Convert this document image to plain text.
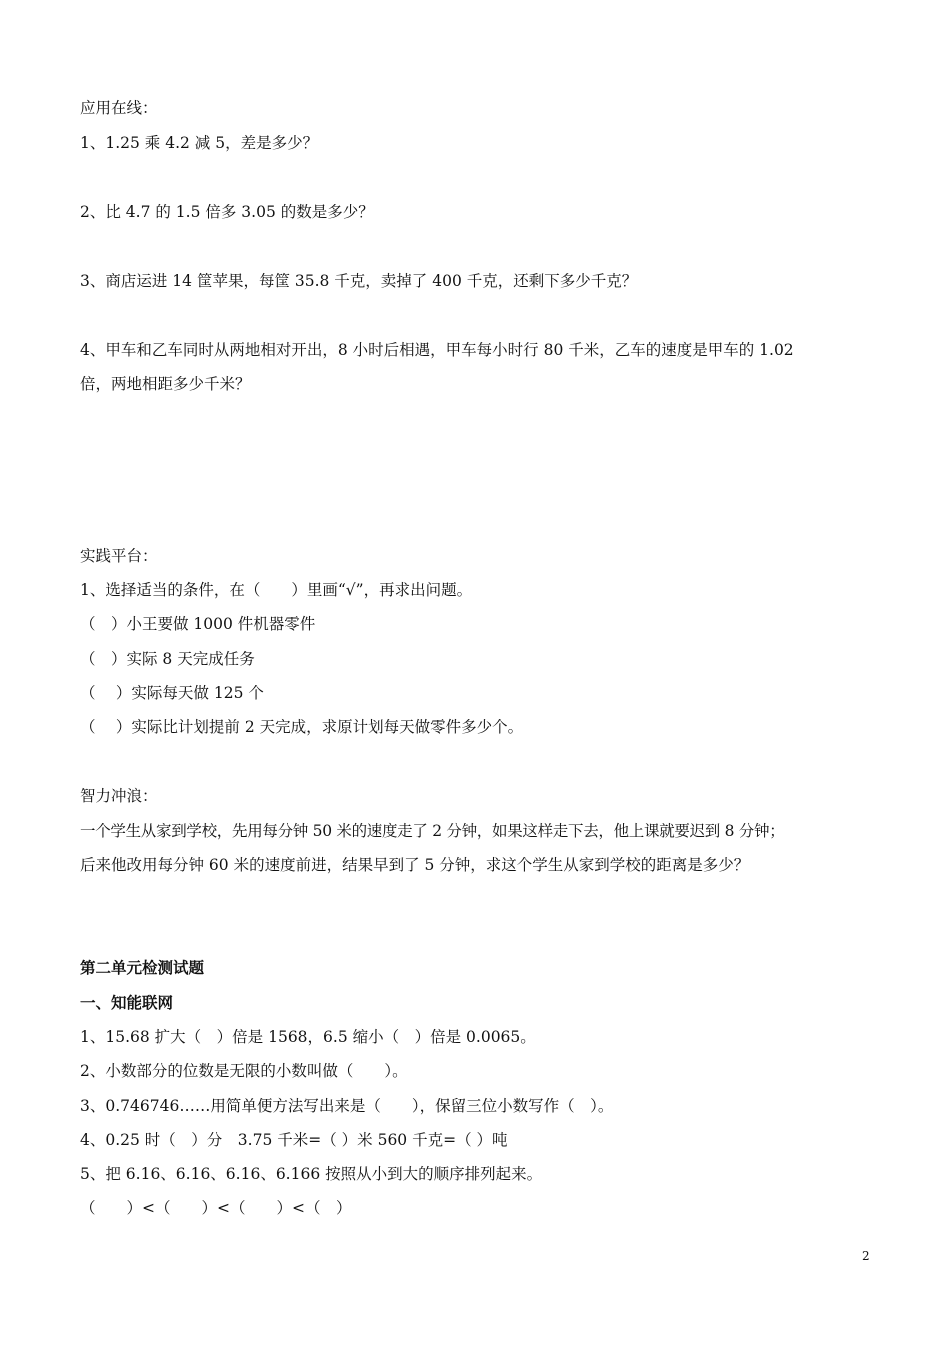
应用在线：
1、1.25 乘 4.2 减 5，差是多少？
2、比 4.7 的 1.5 倍多 3.05 的数是多少？
3、商店运进 14 筐苹果，每筐 35.8 千克，卖掉了 400 千克，还剩下多少千克？
4、甲车和乙车同时从两地相对开出，8 小时后相遇，甲车每小时行 80 千米，乙车的速度是甲车的 1.02
倍，两地相距多少千米？
实践平台：
1、选择适当的条件，在（　　）里画“√”，再求出问题。
（　）小王要做 1000 件机器零件
（　）实际 8 天完成任务
（　 ）实际每天做 125 个
（　 ）实际比计划提前 2 天完成，求原计划每天做零件多少个。
智力冲浪：
一个学生从家到学校，先用每分钟 50 米的速度走了 2 分钟，如果这样走下去，他上课就要迟到 8 分钟；
后来他改用每分钟 60 米的速度前进，结果早到了 5 分钟，求这个学生从家到学校的距离是多少？
第二单元检测试题
一、知能联网
1、15.68 扩大（　）倍是 1568，6.5 缩小（　）倍是 0.0065。
2、小数部分的位数是无限的小数叫做（　　）。
3、0.746746……用简单便方法写出来是（　　），保留三位小数写作（　）。
4、0.25 时（　）分　3.75 千米=（ ）米 560 千克=（ ）吨
5、把 6.16、6.16、6.16、6.166 按照从小到大的顺序排列起来。
（　　）<（　　）<（　　）<（　）
2
